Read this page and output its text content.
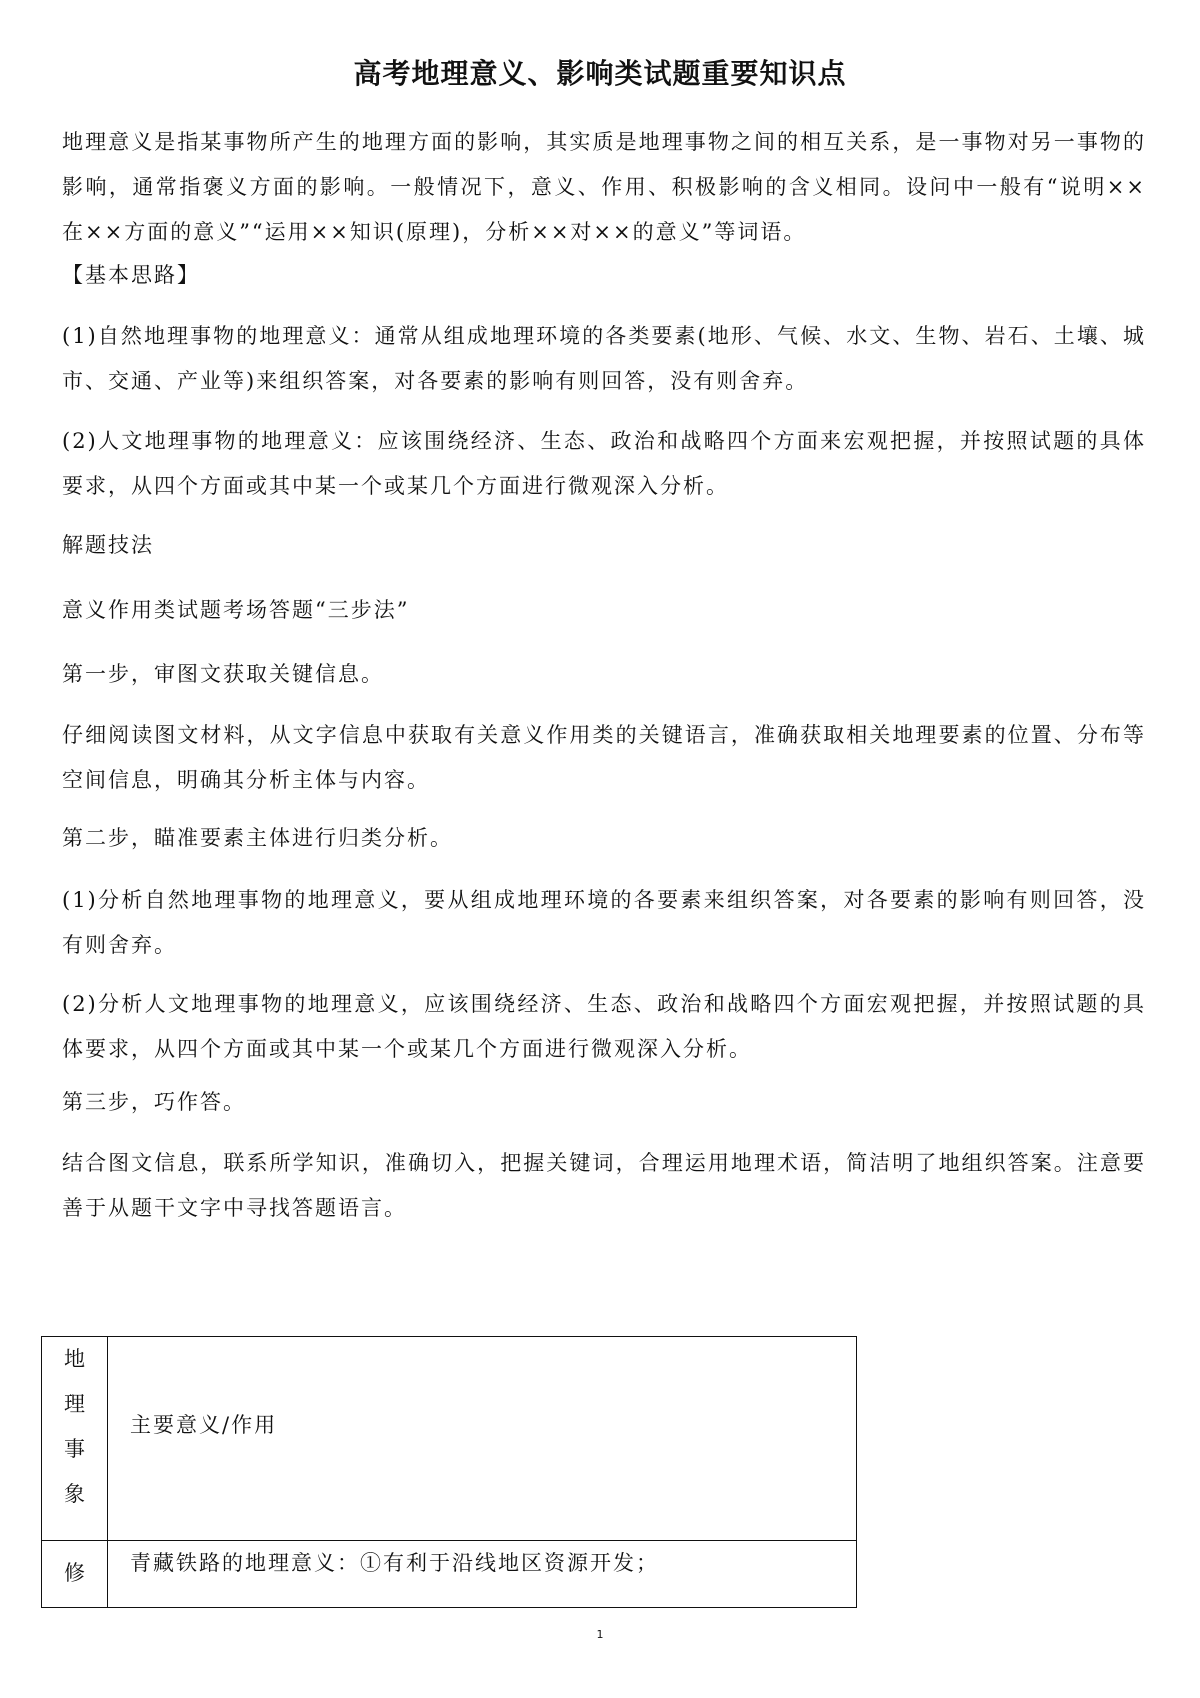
高考地理意义、影响类试题重要知识点

地理意义是指某事物所产生的地理方面的影响，其实质是地理事物之间的相互关系，是一事物对另一事物的影响，通常指褒义方面的影响。一般情况下，意义、作用、积极影响的含义相同。设问中一般有“说明××在××方面的意义”“运用××知识(原理)，分析××对××的意义”等词语。

【基本思路】

(1)自然地理事物的地理意义：通常从组成地理环境的各类要素(地形、气候、水文、生物、岩石、土壤、城市、交通、产业等)来组织答案，对各要素的影响有则回答，没有则舍弃。

(2)人文地理事物的地理意义：应该围绕经济、生态、政治和战略四个方面来宏观把握，并按照试题的具体要求，从四个方面或其中某一个或某几个方面进行微观深入分析。

解题技法

意义作用类试题考场答题“三步法”

第一步，审图文获取关键信息。

仔细阅读图文材料，从文字信息中获取有关意义作用类的关键语言，准确获取相关地理要素的位置、分布等空间信息，明确其分析主体与内容。

第二步，瞄准要素主体进行归类分析。

(1)分析自然地理事物的地理意义，要从组成地理环境的各要素来组织答案，对各要素的影响有则回答，没有则舍弃。

(2)分析人文地理事物的地理意义，应该围绕经济、生态、政治和战略四个方面宏观把握，并按照试题的具体要求，从四个方面或其中某一个或某几个方面进行微观深入分析。

第三步，巧作答。

结合图文信息，联系所学知识，准确切入，把握关键词，合理运用地理术语，简洁明了地组织答案。注意要善于从题干文字中寻找答题语言。

地
理
事
象	主要意义/作用
修	青藏铁路的地理意义：①有利于沿线地区资源开发；
1
